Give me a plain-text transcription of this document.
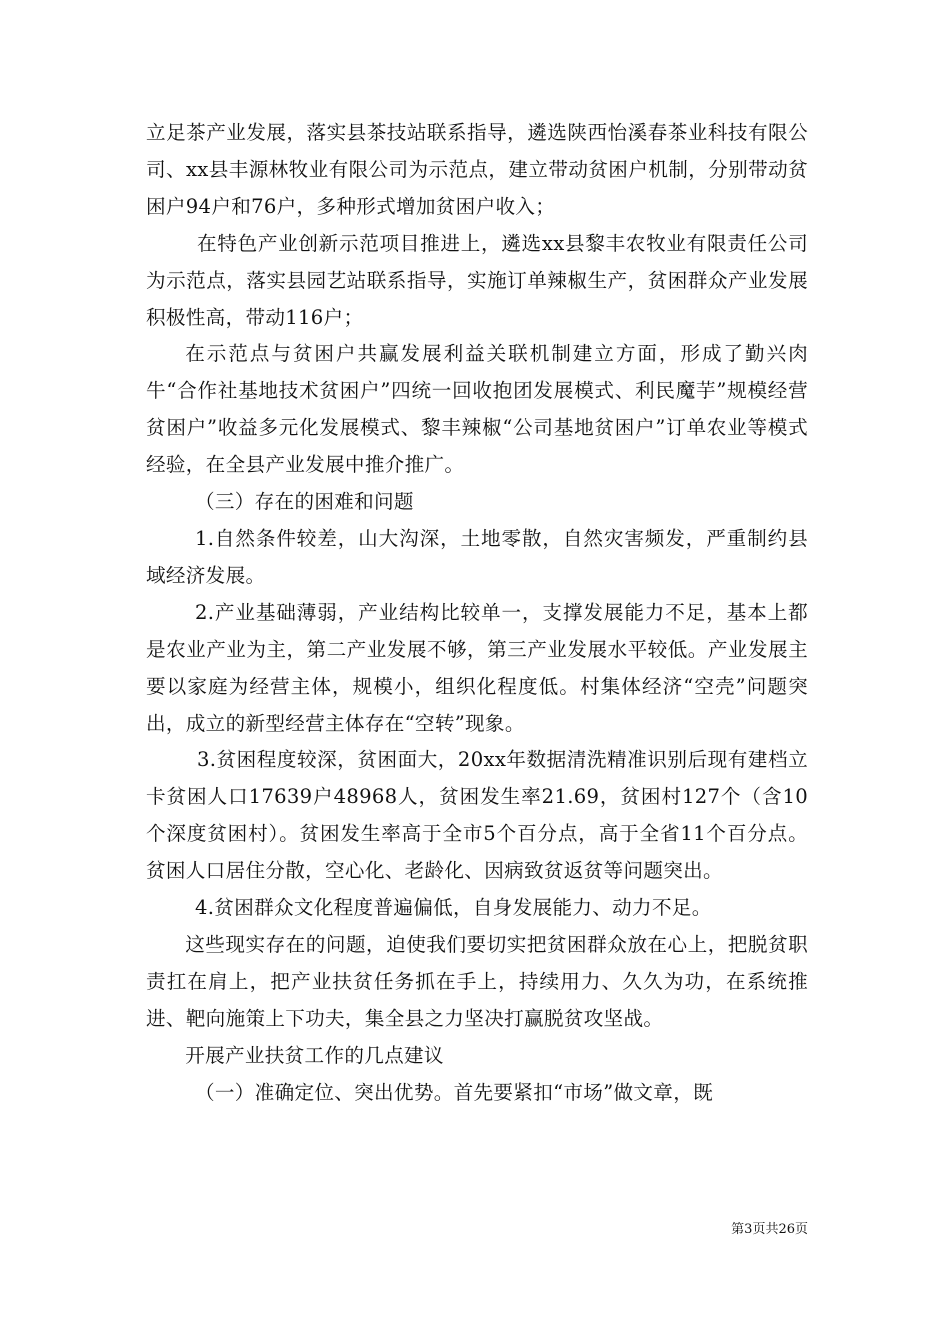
立足茶产业发展，落实县茶技站联系指导，遴选陕西怡溪春茶业科技有限公司、xx县丰源林牧业有限公司为示范点，建立带动贫困户机制，分别带动贫困户94户和76户，多种形式增加贫困户收入；

在特色产业创新示范项目推进上，遴选xx县黎丰农牧业有限责任公司为示范点，落实县园艺站联系指导，实施订单辣椒生产，贫困群众产业发展积极性高，带动116户；

在示范点与贫困户共赢发展利益关联机制建立方面，形成了勤兴肉牛“合作社基地技术贫困户”四统一回收抱团发展模式、利民魔芋”规模经营贫困户”收益多元化发展模式、黎丰辣椒“公司基地贫困户”订单农业等模式经验，在全县产业发展中推介推广。

（三）存在的困难和问题

1.自然条件较差，山大沟深，土地零散，自然灾害频发，严重制约县域经济发展。

2.产业基础薄弱，产业结构比较单一，支撑发展能力不足，基本上都是农业产业为主，第二产业发展不够，第三产业发展水平较低。产业发展主要以家庭为经营主体，规模小，组织化程度低。村集体经济“空壳”问题突出，成立的新型经营主体存在“空转”现象。

3.贫困程度较深，贫困面大，20xx年数据清洗精准识别后现有建档立卡贫困人口17639户48968人，贫困发生率21.69，贫困村127个（含10个深度贫困村）。贫困发生率高于全市5个百分点，高于全省11个百分点。贫困人口居住分散，空心化、老龄化、因病致贫返贫等问题突出。

4.贫困群众文化程度普遍偏低，自身发展能力、动力不足。

这些现实存在的问题，迫使我们要切实把贫困群众放在心上，把脱贫职责扛在肩上，把产业扶贫任务抓在手上，持续用力、久久为功，在系统推进、靶向施策上下功夫，集全县之力坚决打赢脱贫攻坚战。

开展产业扶贫工作的几点建议

（一）准确定位、突出优势。首先要紧扣“市场”做文章，既

第3页共26页
